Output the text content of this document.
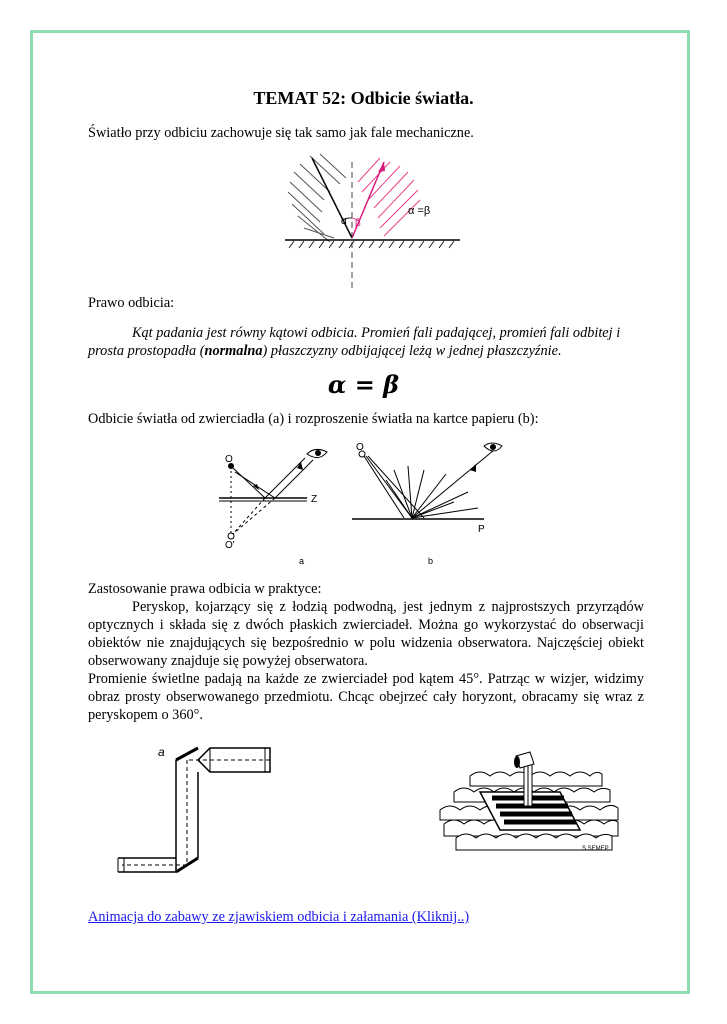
TEMAT 52: Odbicie światła.
Światło przy odbiciu zachowuje się tak samo jak fale mechaniczne.
α β
α =β
Prawo odbicia:
Kąt padania jest równy kątowi odbicia. Promień fali padającej, promień fali odbitej i prosta prostopadła (normalna) płaszczyzny odbijającej leżą w jednej płaszczyźnie.
α = β
Odbicie światła od zwierciadła (a) i rozproszenie światła na kartce papieru (b):
O
Z
O'
a
O
P
b
Zastosowanie prawa odbicia w praktyce:

Peryskop, kojarzący się z łodzią podwodną, jest jednym z najprostszych przyrządów optycznych i składa się z dwóch płaskich zwierciadeł. Można go wykorzystać do obserwacji obiektów nie znajdujących się bezpośrednio w polu widzenia obserwatora. Najczęściej obiekt obserwowany znajduje się powyżej obserwatora.

Promienie świetlne padają na każde ze zwierciadeł pod kątem 45°. Patrząc w wizjer, widzimy obraz prosty obserwowanego przedmiotu. Chcąc obejrzeć cały horyzont, obracamy się wraz z peryskopem o 360°.

a
S.SEMEP
Animacja do zabawy ze zjawiskiem odbicia i załamania (Kliknij..)
